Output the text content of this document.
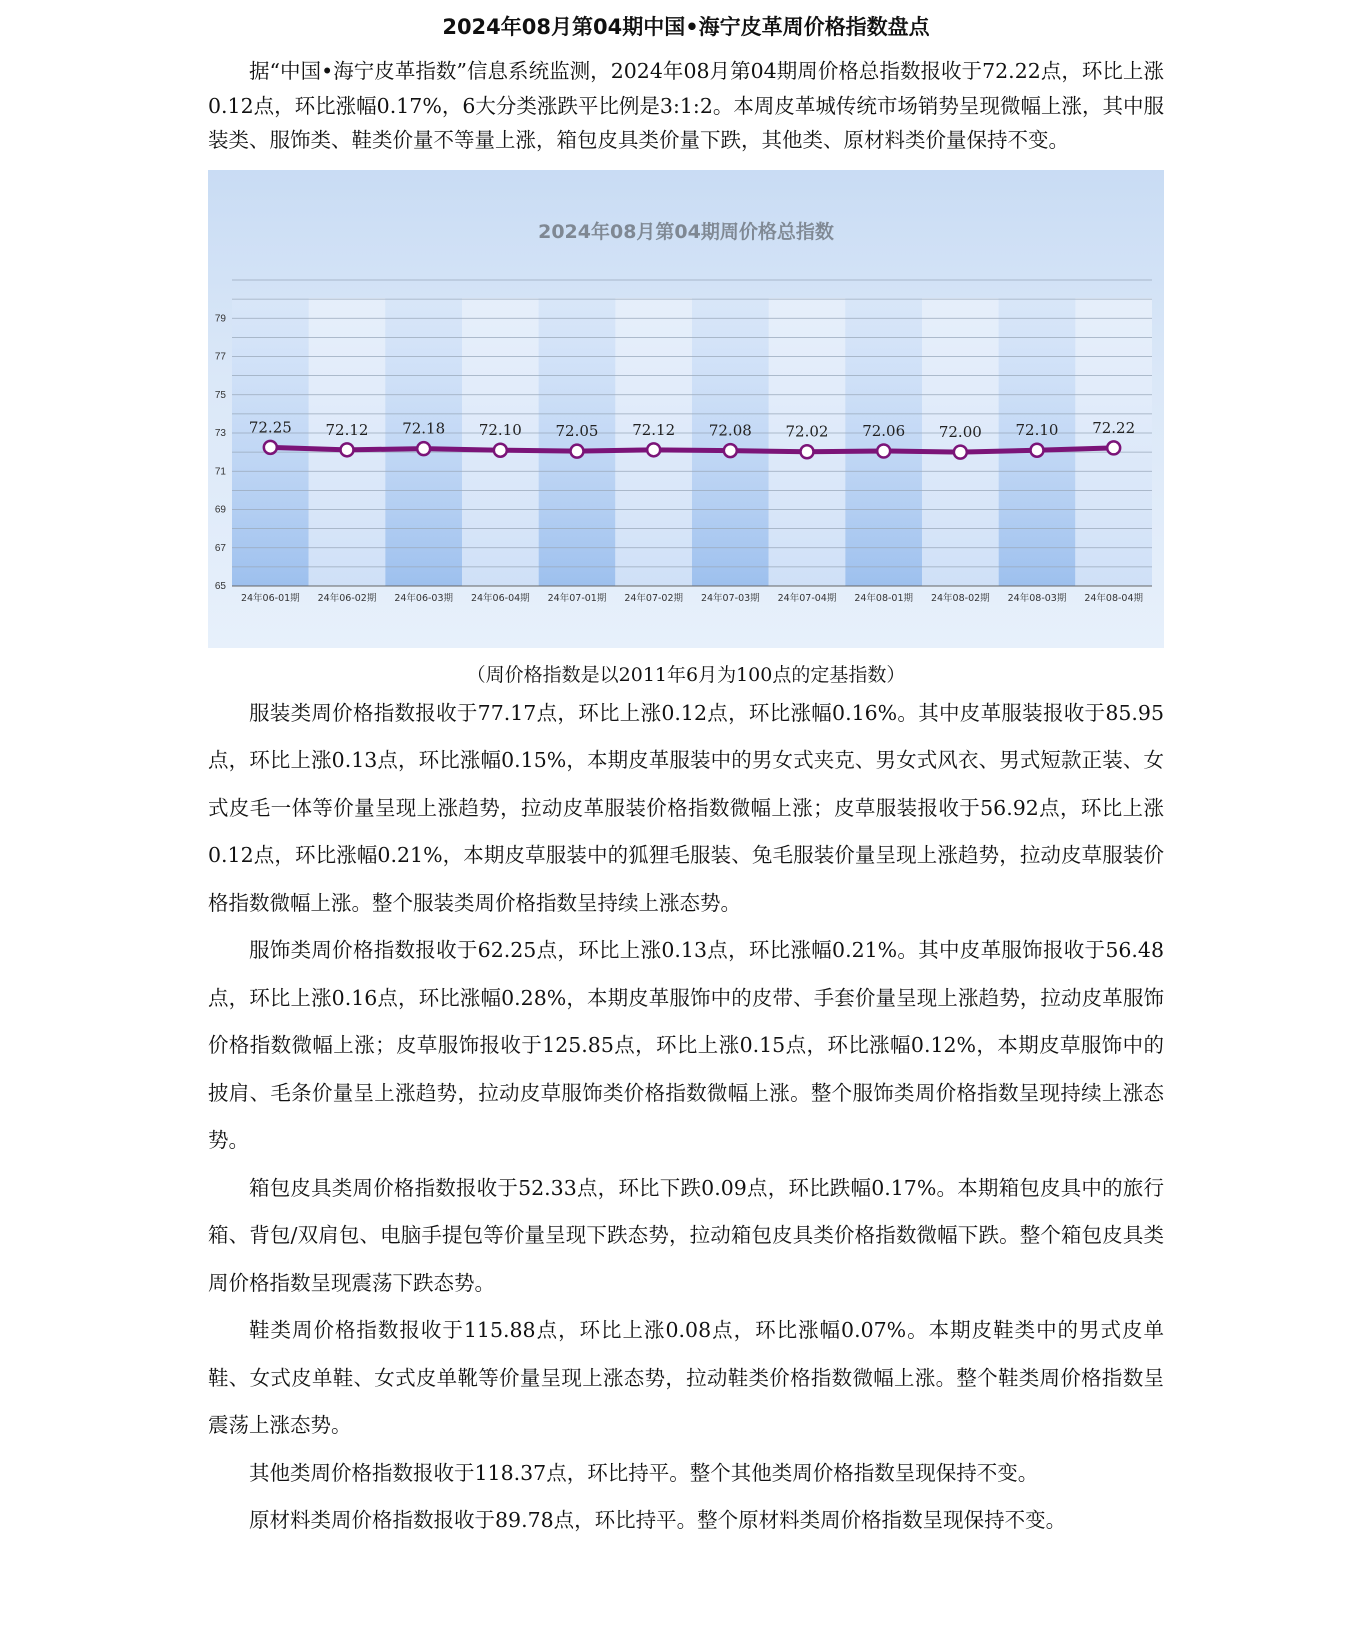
2024年08月第04期中国•海宁皮革周价格指数盘点

据“中国•海宁皮革指数”信息系统监测，2024年08月第04期周价格总指数报收于72.22点，环比上涨0.12点，环比涨幅0.17%，6大分类涨跌平比例是3:1:2。本周皮革城传统市场销势呈现微幅上涨，其中服装类、服饰类、鞋类价量不等量上涨，箱包皮具类价量下跌，其他类、原材料类价量保持不变。

65
67
69
71
73
75
77
79
2024年08月第04期周价格总指数
24年06-01期 24年06-02期 24年06-03期 24年06-04期 24年07-01期 24年07-02期 24年07-03期 24年07-04期 24年08-01期 24年08-02期 24年08-03期 24年08-04期
72.25 72.12 72.18 72.10 72.05 72.12 72.08 72.02 72.06 72.00 72.10 72.22
（周价格指数是以2011年6月为100点的定基指数）

服装类周价格指数报收于77.17点，环比上涨0.12点，环比涨幅0.16%。其中皮革服装报收于85.95点，环比上涨0.13点，环比涨幅0.15%，本期皮革服装中的男女式夹克、男女式风衣、男式短款正装、女式皮毛一体等价量呈现上涨趋势，拉动皮革服装价格指数微幅上涨；皮草服装报收于56.92点，环比上涨0.12点，环比涨幅0.21%，本期皮草服装中的狐狸毛服装、兔毛服装价量呈现上涨趋势，拉动皮草服装价格指数微幅上涨。整个服装类周价格指数呈持续上涨态势。

服饰类周价格指数报收于62.25点，环比上涨0.13点，环比涨幅0.21%。其中皮革服饰报收于56.48点，环比上涨0.16点，环比涨幅0.28%，本期皮革服饰中的皮带、手套价量呈现上涨趋势，拉动皮革服饰价格指数微幅上涨；皮草服饰报收于125.85点，环比上涨0.15点，环比涨幅0.12%，本期皮草服饰中的披肩、毛条价量呈上涨趋势，拉动皮草服饰类价格指数微幅上涨。整个服饰类周价格指数呈现持续上涨态势。

箱包皮具类周价格指数报收于52.33点，环比下跌0.09点，环比跌幅0.17%。本期箱包皮具中的旅行箱、背包/双肩包、电脑手提包等价量呈现下跌态势，拉动箱包皮具类价格指数微幅下跌。整个箱包皮具类周价格指数呈现震荡下跌态势。

鞋类周价格指数报收于115.88点，环比上涨0.08点，环比涨幅0.07%。本期皮鞋类中的男式皮单鞋、女式皮单鞋、女式皮单靴等价量呈现上涨态势，拉动鞋类价格指数微幅上涨。整个鞋类周价格指数呈震荡上涨态势。

其他类周价格指数报收于118.37点，环比持平。整个其他类周价格指数呈现保持不变。

原材料类周价格指数报收于89.78点，环比持平。整个原材料类周价格指数呈现保持不变。
